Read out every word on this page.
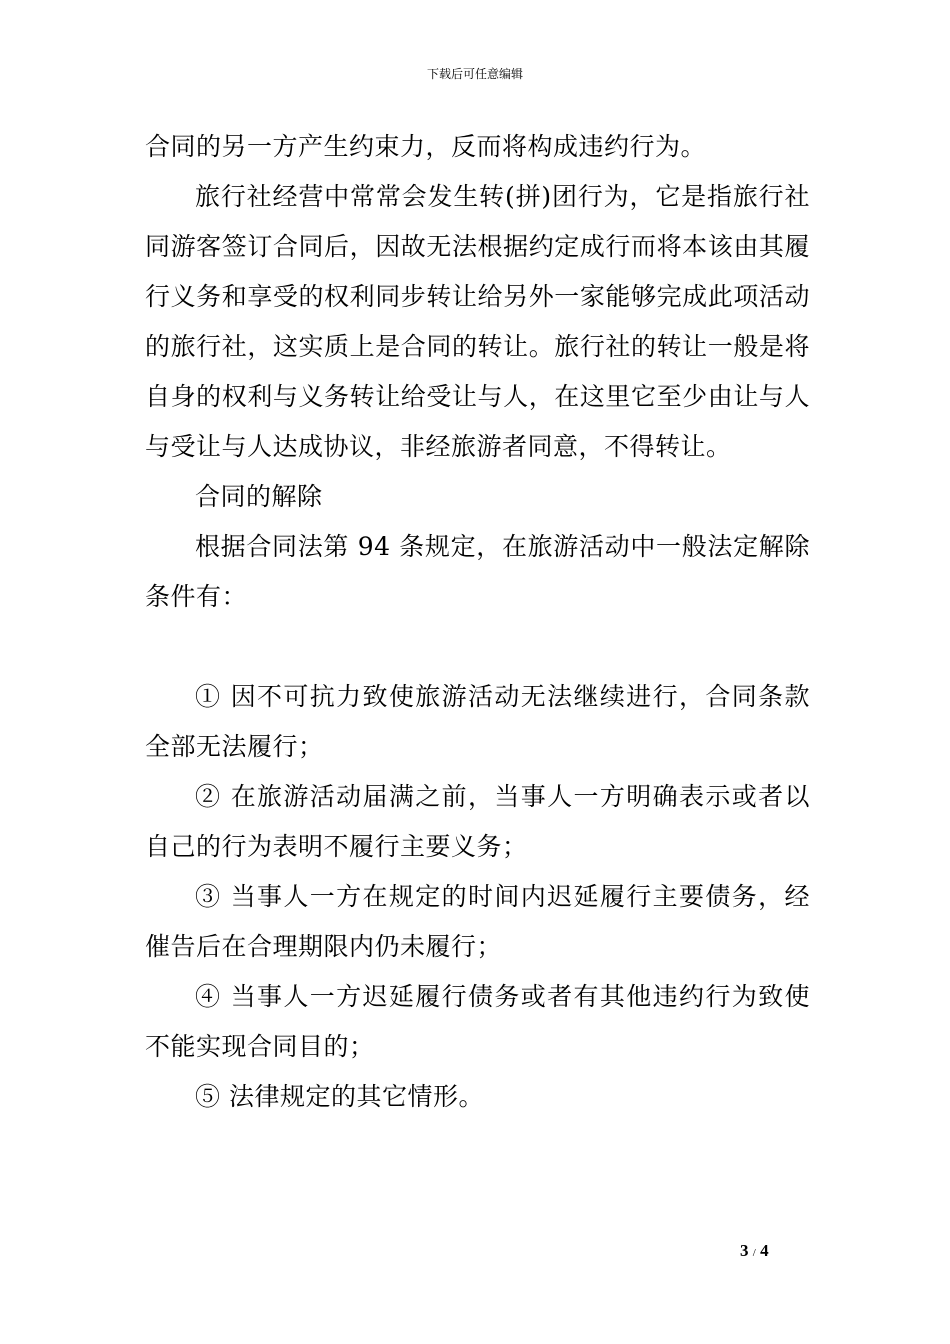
下载后可任意编辑

合同的另一方产生约束力，反而将构成违约行为。

旅行社经营中常常会发生转(拼)团行为，它是指旅行社同游客签订合同后，因故无法根据约定成行而将本该由其履行义务和享受的权利同步转让给另外一家能够完成此项活动的旅行社，这实质上是合同的转让。旅行社的转让一般是将自身的权利与义务转让给受让与人，在这里它至少由让与人与受让与人达成协议，非经旅游者同意，不得转让。

合同的解除

根据合同法第 94 条规定，在旅游活动中一般法定解除条件有：

① 因不可抗力致使旅游活动无法继续进行，合同条款全部无法履行；

② 在旅游活动届满之前，当事人一方明确表示或者以自己的行为表明不履行主要义务；

③ 当事人一方在规定的时间内迟延履行主要债务，经催告后在合理期限内仍未履行；

④ 当事人一方迟延履行债务或者有其他违约行为致使不能实现合同目的；

⑤ 法律规定的其它情形。

3 / 4
